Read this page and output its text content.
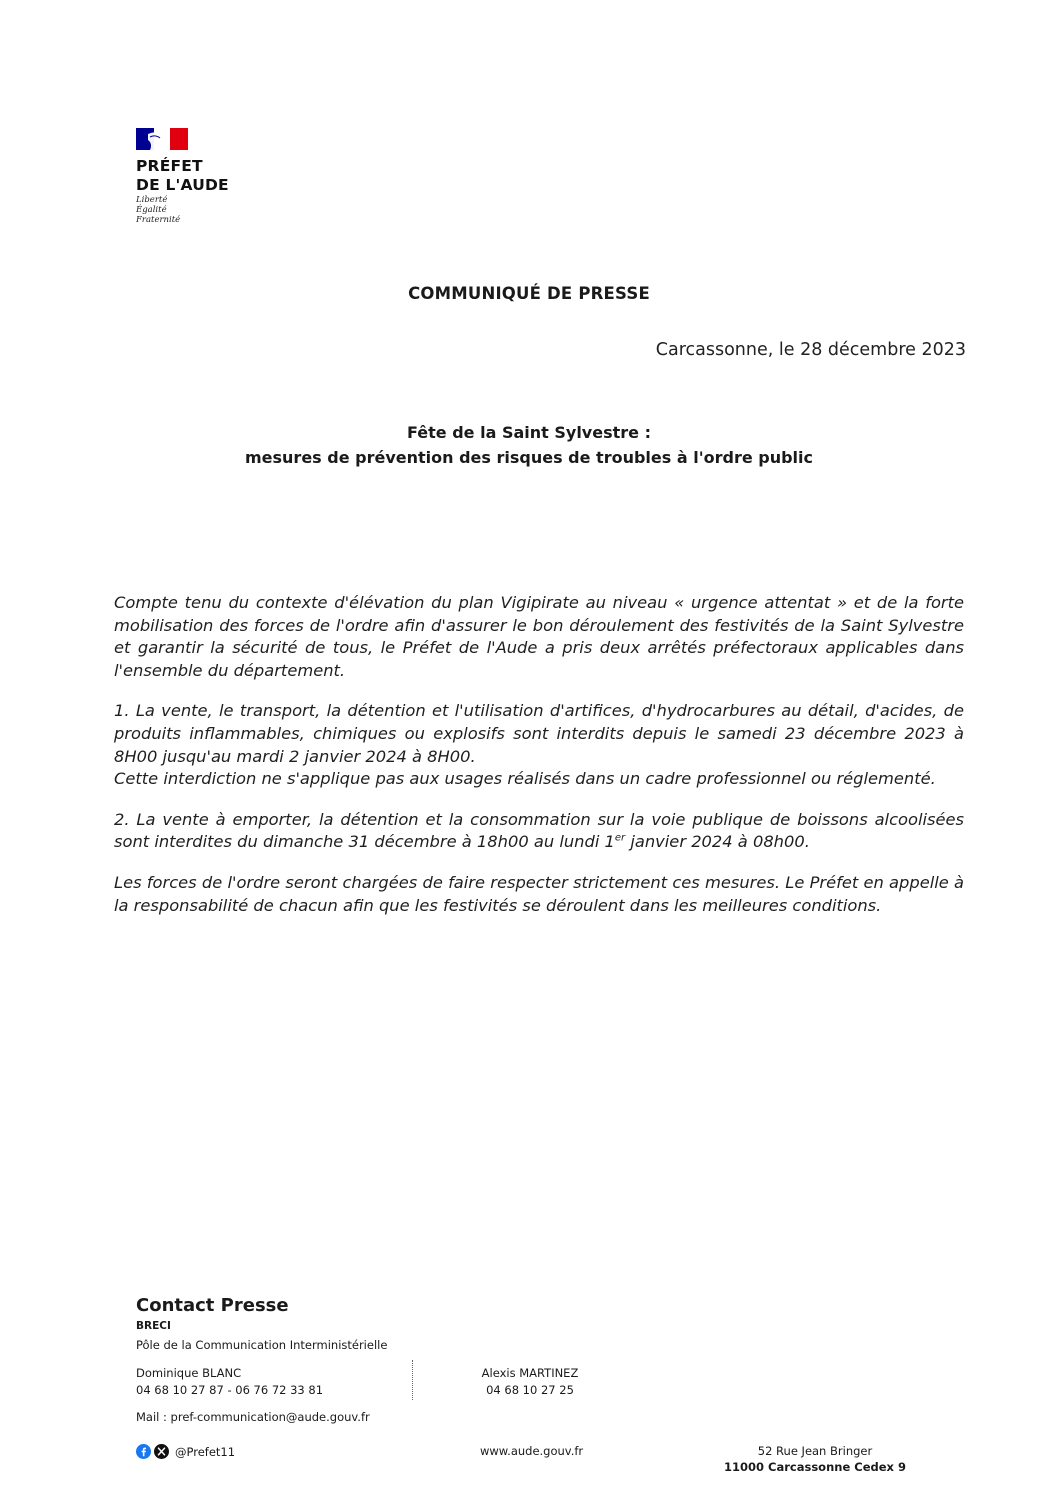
PRÉFET
DE L'AUDE
Liberté
Égalité
Fraternité
COMMUNIQUÉ DE PRESSE
Carcassonne, le 28 décembre 2023
Fête de la Saint Sylvestre :
mesures de prévention des risques de troubles à l'ordre public

Compte tenu du contexte d'élévation du plan Vigipirate au niveau « urgence attentat » et de la forte mobilisation des forces de l'ordre afin d'assurer le bon déroulement des festivités de la Saint Sylvestre et garantir la sécurité de tous, le Préfet de l'Aude a pris deux arrêtés préfectoraux applicables dans l'ensemble du département.

1. La vente, le transport, la détention et l'utilisation d'artifices, d'hydrocarbures au détail, d'acides, de produits inflammables, chimiques ou explosifs sont interdits depuis le samedi 23 décembre 2023 à 8H00 jusqu'au mardi 2 janvier 2024 à 8H00.
Cette interdiction ne s'applique pas aux usages réalisés dans un cadre professionnel ou réglementé.

2. La vente à emporter, la détention et la consommation sur la voie publique de boissons alcoolisées sont interdites du dimanche 31 décembre à 18h00 au lundi 1er janvier 2024 à 08h00.

Les forces de l'ordre seront chargées de faire respecter strictement ces mesures. Le Préfet en appelle à la responsabilité de chacun afin que les festivités se déroulent dans les meilleures conditions.

Contact Presse
BRECI
Pôle de la Communication Interministérielle
Dominique BLANC
04 68 10 27 87 - 06 76 72 33 81
Alexis MARTINEZ
04 68 10 27 25
Mail : pref-communication@aude.gouv.fr
@Prefet11	www.aude.gouv.fr	52 Rue Jean Bringer
11000 Carcassonne Cedex 9
